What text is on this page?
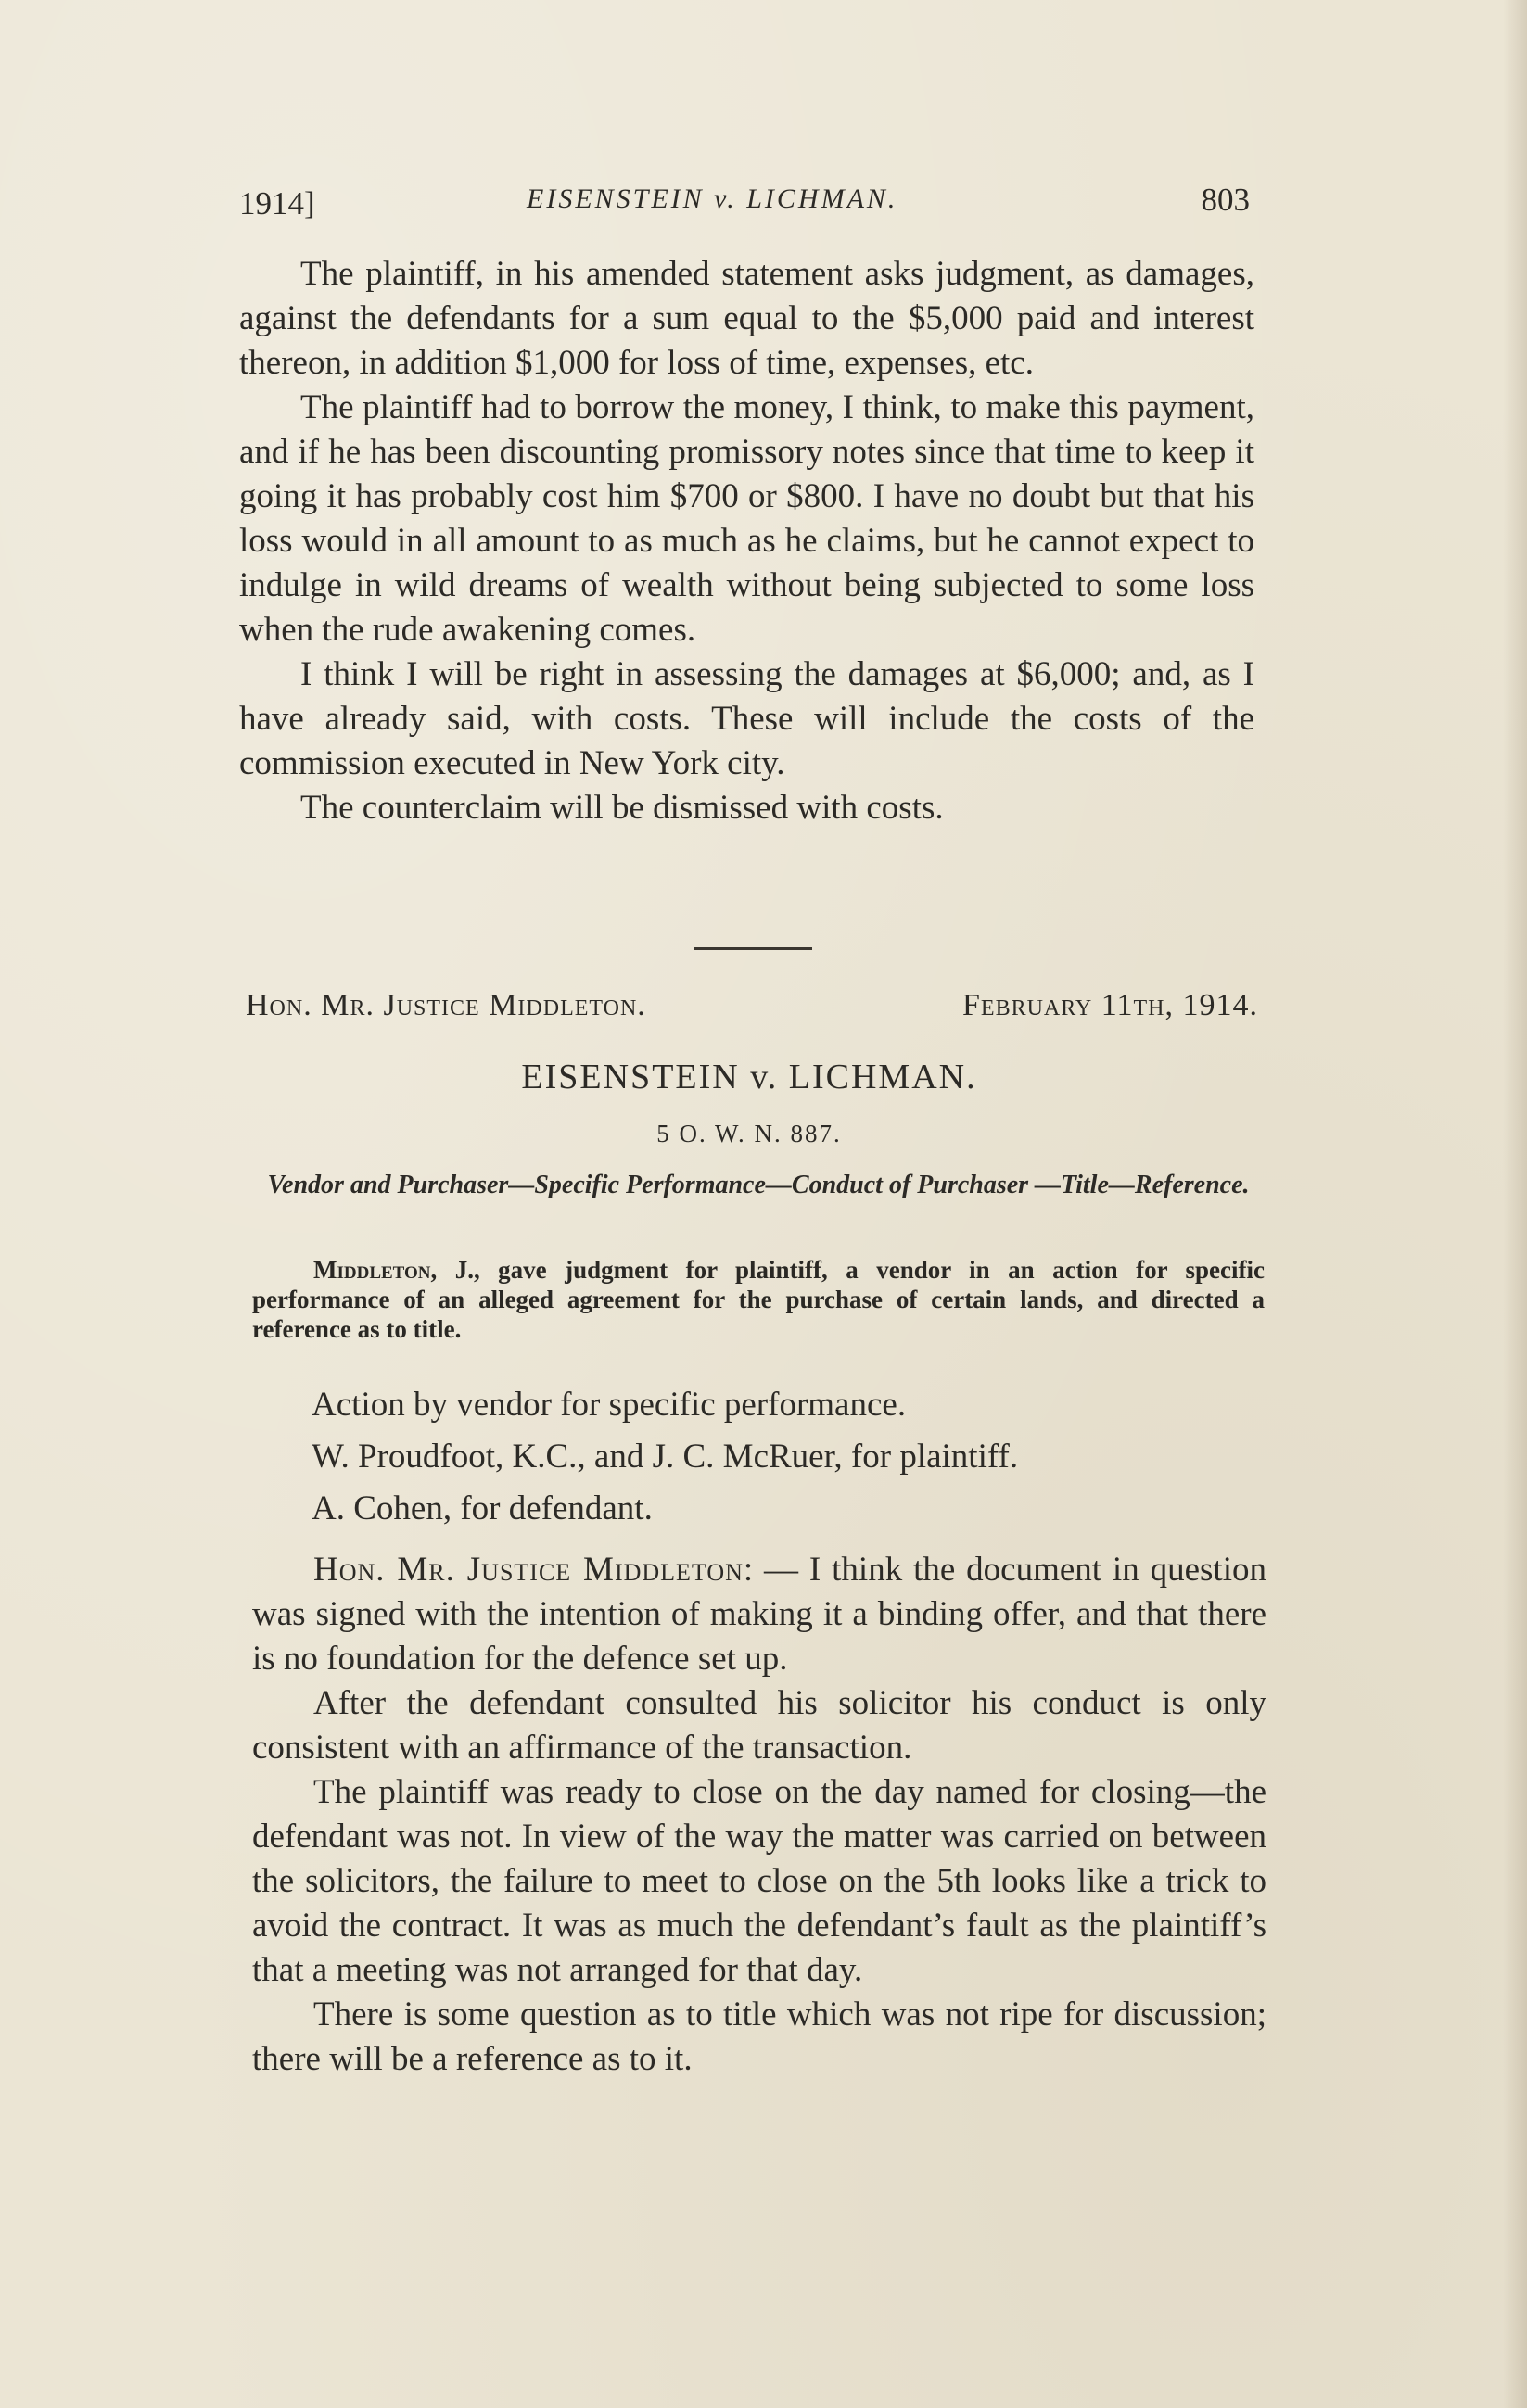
1914]	EISENSTEIN v. LICHMAN.	803

The plaintiff, in his amended statement asks judgment, as damages, against the defendants for a sum equal to the $5,000 paid and interest thereon, in addition $1,000 for loss of time, expenses, etc.

The plaintiff had to borrow the money, I think, to make this payment, and if he has been discounting promissory notes since that time to keep it going it has probably cost him $700 or $800. I have no doubt but that his loss would in all amount to as much as he claims, but he cannot expect to indulge in wild dreams of wealth without being subjected to some loss when the rude awakening comes.

I think I will be right in assessing the damages at $6,000; and, as I have already said, with costs. These will include the costs of the commission executed in New York city.

The counterclaim will be dismissed with costs.

Hon. Mr. Justice Middleton.	February 11th, 1914.
EISENSTEIN v. LICHMAN.
5 O. W. N. 887.
Vendor and Purchaser—Specific Performance—Conduct of Purchaser —Title—Reference.

Middleton, J., gave judgment for plaintiff, a vendor in an action for specific performance of an alleged agreement for the purchase of certain lands, and directed a reference as to title.

Action by vendor for specific performance.
W. Proudfoot, K.C., and J. C. McRuer, for plaintiff.
A. Cohen, for defendant.

Hon. Mr. Justice Middleton: — I think the document in question was signed with the intention of making it a binding offer, and that there is no foundation for the defence set up.

After the defendant consulted his solicitor his conduct is only consistent with an affirmance of the transaction.

The plaintiff was ready to close on the day named for closing—the defendant was not. In view of the way the matter was carried on between the solicitors, the failure to meet to close on the 5th looks like a trick to avoid the contract. It was as much the defendant’s fault as the plaintiff’s that a meeting was not arranged for that day.

There is some question as to title which was not ripe for discussion; there will be a reference as to it.
